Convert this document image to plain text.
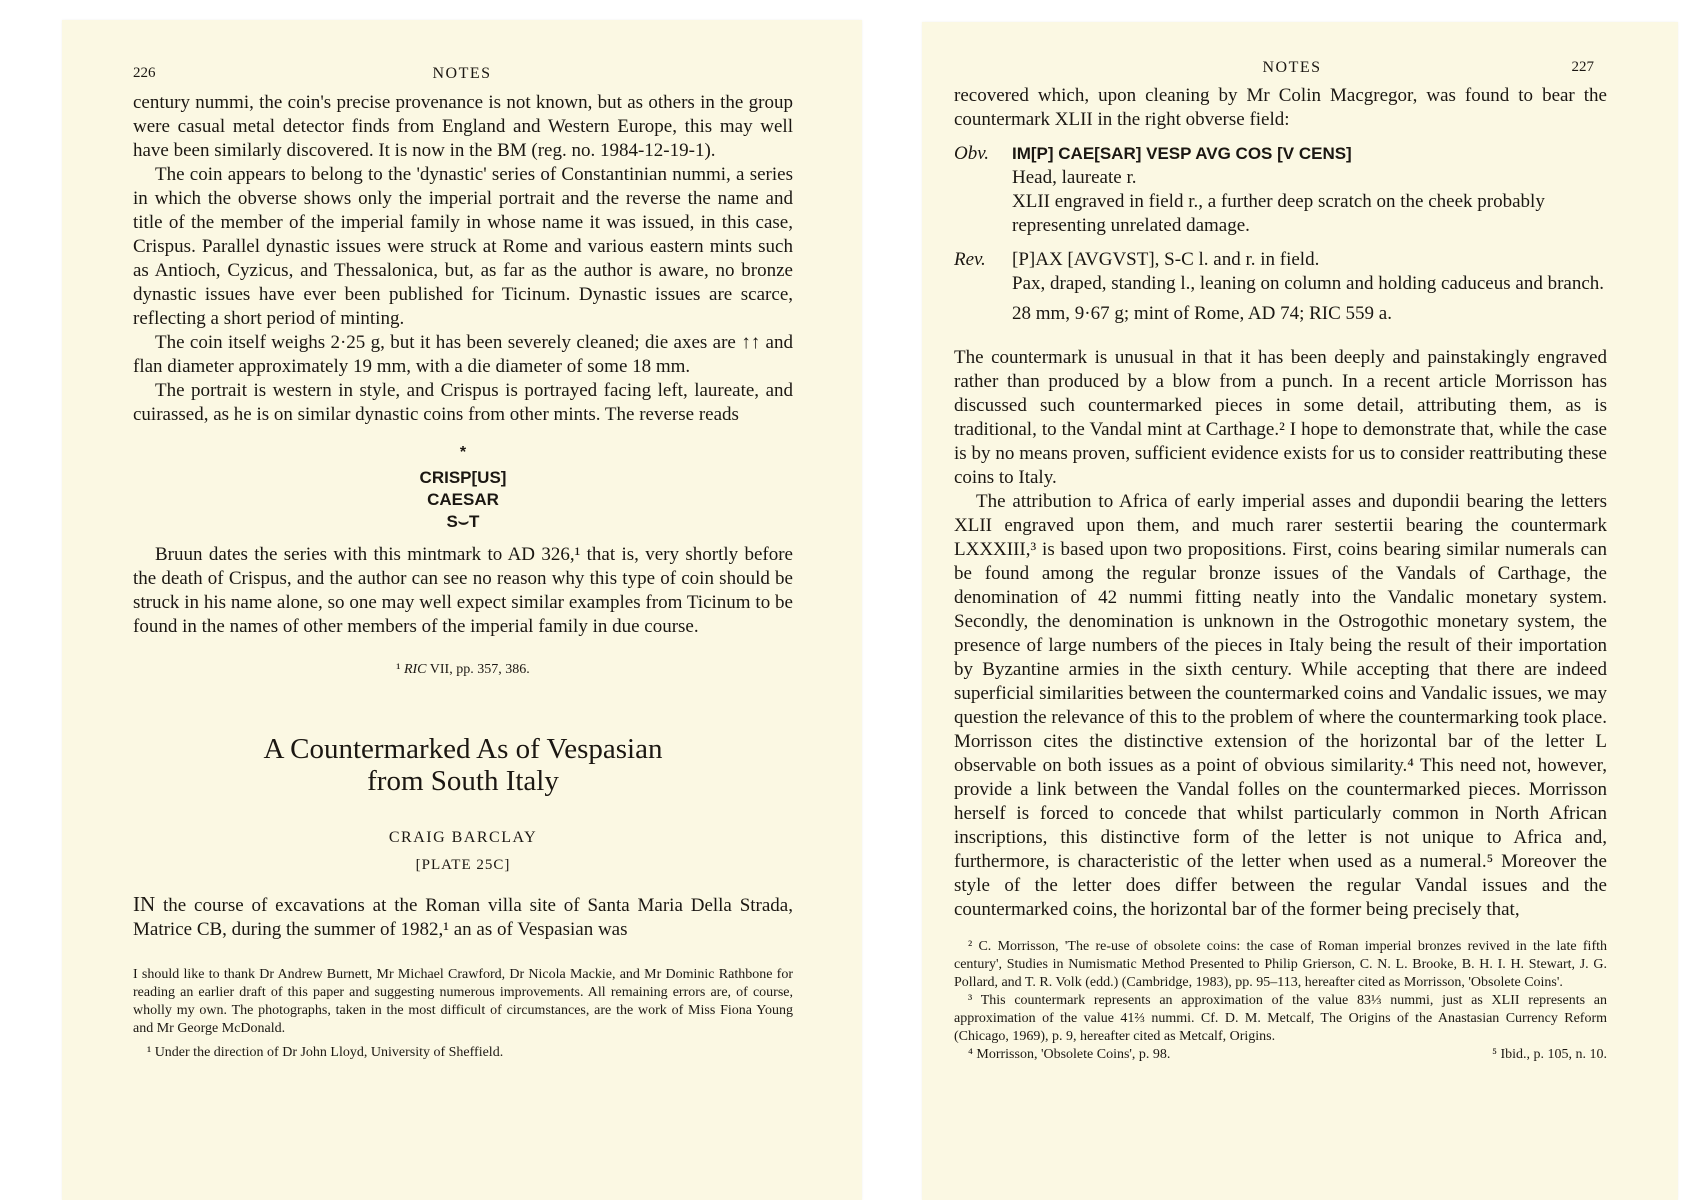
226	NOTES

century nummi, the coin's precise provenance is not known, but as others in the group were casual metal detector finds from England and Western Europe, this may well have been similarly discovered. It is now in the BM (reg. no. 1984-12-19-1).

The coin appears to belong to the 'dynastic' series of Constantinian nummi, a series in which the obverse shows only the imperial portrait and the reverse the name and title of the member of the imperial family in whose name it was issued, in this case, Crispus. Parallel dynastic issues were struck at Rome and various eastern mints such as Antioch, Cyzicus, and Thessalonica, but, as far as the author is aware, no bronze dynastic issues have ever been published for Ticinum. Dynastic issues are scarce, reflecting a short period of minting.

The coin itself weighs 2·25 g, but it has been severely cleaned; die axes are ↑↑ and flan diameter approximately 19 mm, with a die diameter of some 18 mm.

The portrait is western in style, and Crispus is portrayed facing left, laureate, and cuirassed, as he is on similar dynastic coins from other mints. The reverse reads

*
CRISP[US]
CAESAR
S⌣T

Bruun dates the series with this mintmark to AD 326,¹ that is, very shortly before the death of Crispus, and the author can see no reason why this type of coin should be struck in his name alone, so one may well expect similar examples from Ticinum to be found in the names of other members of the imperial family in due course.

¹ RIC VII, pp. 357, 386.
A Countermarked As of Vespasian
from South Italy
CRAIG BARCLAY
[PLATE 25C]

IN the course of excavations at the Roman villa site of Santa Maria Della Strada, Matrice CB, during the summer of 1982,¹ an as of Vespasian was

I should like to thank Dr Andrew Burnett, Mr Michael Crawford, Dr Nicola Mackie, and Mr Dominic Rathbone for reading an earlier draft of this paper and suggesting numerous improvements. All remaining errors are, of course, wholly my own. The photographs, taken in the most difficult of circumstances, are the work of Miss Fiona Young and Mr George McDonald.
¹ Under the direction of Dr John Lloyd, University of Sheffield.
NOTES	227

recovered which, upon cleaning by Mr Colin Macgregor, was found to bear the countermark XLII in the right obverse field:

Obv.	IM[P] CAE[SAR] VESP AVG COS [V CENS]

Head, laureate r.

XLII engraved in field r., a further deep scratch on the cheek probably representing unrelated damage.

Rev.	[P]AX [AVGVST], S-C l. and r. in field.

Pax, draped, standing l., leaning on column and holding caduceus and branch.

28 mm, 9·67 g; mint of Rome, AD 74; RIC 559 a.

The countermark is unusual in that it has been deeply and painstakingly engraved rather than produced by a blow from a punch. In a recent article Morrisson has discussed such countermarked pieces in some detail, attributing them, as is traditional, to the Vandal mint at Carthage.² I hope to demonstrate that, while the case is by no means proven, sufficient evidence exists for us to consider reattributing these coins to Italy.

The attribution to Africa of early imperial asses and dupondii bearing the letters XLII engraved upon them, and much rarer sestertii bearing the countermark LXXXIII,³ is based upon two propositions. First, coins bearing similar numerals can be found among the regular bronze issues of the Vandals of Carthage, the denomination of 42 nummi fitting neatly into the Vandalic monetary system. Secondly, the denomination is unknown in the Ostrogothic monetary system, the presence of large numbers of the pieces in Italy being the result of their importation by Byzantine armies in the sixth century. While accepting that there are indeed superficial similarities between the countermarked coins and Vandalic issues, we may question the relevance of this to the problem of where the countermarking took place. Morrisson cites the distinctive extension of the horizontal bar of the letter L observable on both issues as a point of obvious similarity.⁴ This need not, however, provide a link between the Vandal folles on the countermarked pieces. Morrisson herself is forced to concede that whilst particularly common in North African inscriptions, this distinctive form of the letter is not unique to Africa and, furthermore, is characteristic of the letter when used as a numeral.⁵ Moreover the style of the letter does differ between the regular Vandal issues and the countermarked coins, the horizontal bar of the former being precisely that,

² C. Morrisson, 'The re-use of obsolete coins: the case of Roman imperial bronzes revived in the late fifth century', Studies in Numismatic Method Presented to Philip Grierson, C. N. L. Brooke, B. H. I. H. Stewart, J. G. Pollard, and T. R. Volk (edd.) (Cambridge, 1983), pp. 95–113, hereafter cited as Morrisson, 'Obsolete Coins'.
³ This countermark represents an approximation of the value 83⅓ nummi, just as XLII represents an approximation of the value 41⅔ nummi. Cf. D. M. Metcalf, The Origins of the Anastasian Currency Reform (Chicago, 1969), p. 9, hereafter cited as Metcalf, Origins.
⁴ Morrisson, 'Obsolete Coins', p. 98.	⁵ Ibid., p. 105, n. 10.
